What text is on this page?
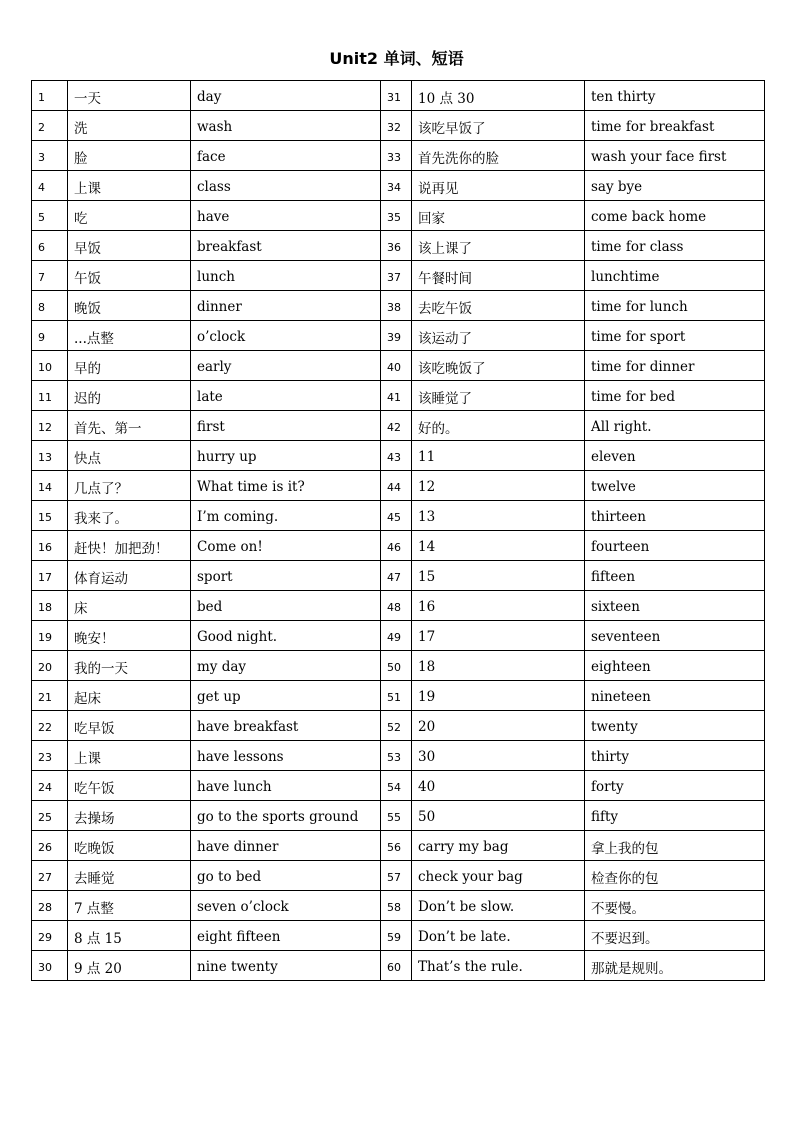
Unit2 单词、短语
1	一天	day	31	10 点 30	ten thirty
2	洗	wash	32	该吃早饭了	time for breakfast
3	脸	face	33	首先洗你的脸	wash your face first
4	上课	class	34	说再见	say bye
5	吃	have	35	回家	come back home
6	早饭	breakfast	36	该上课了	time for class
7	午饭	lunch	37	午餐时间	lunchtime
8	晚饭	dinner	38	去吃午饭	time for lunch
9	...点整	o’clock	39	该运动了	time for sport
10	早的	early	40	该吃晚饭了	time for dinner
11	迟的	late	41	该睡觉了	time for bed
12	首先、第一	first	42	好的。	All right.
13	快点	hurry up	43	11	eleven
14	几点了？	What time is it?	44	12	twelve
15	我来了。	I’m coming.	45	13	thirteen
16	赶快！加把劲！	Come on!	46	14	fourteen
17	体育运动	sport	47	15	fifteen
18	床	bed	48	16	sixteen
19	晚安！	Good night.	49	17	seventeen
20	我的一天	my day	50	18	eighteen
21	起床	get up	51	19	nineteen
22	吃早饭	have breakfast	52	20	twenty
23	上课	have lessons	53	30	thirty
24	吃午饭	have lunch	54	40	forty
25	去操场	go to the sports ground	55	50	fifty
26	吃晚饭	have dinner	56	carry my bag	拿上我的包
27	去睡觉	go to bed	57	check your bag	检查你的包
28	7 点整	seven o’clock	58	Don’t be slow.	不要慢。
29	8 点 15	eight fifteen	59	Don’t be late.	不要迟到。
30	9 点 20	nine twenty	60	That’s the rule.	那就是规则。
